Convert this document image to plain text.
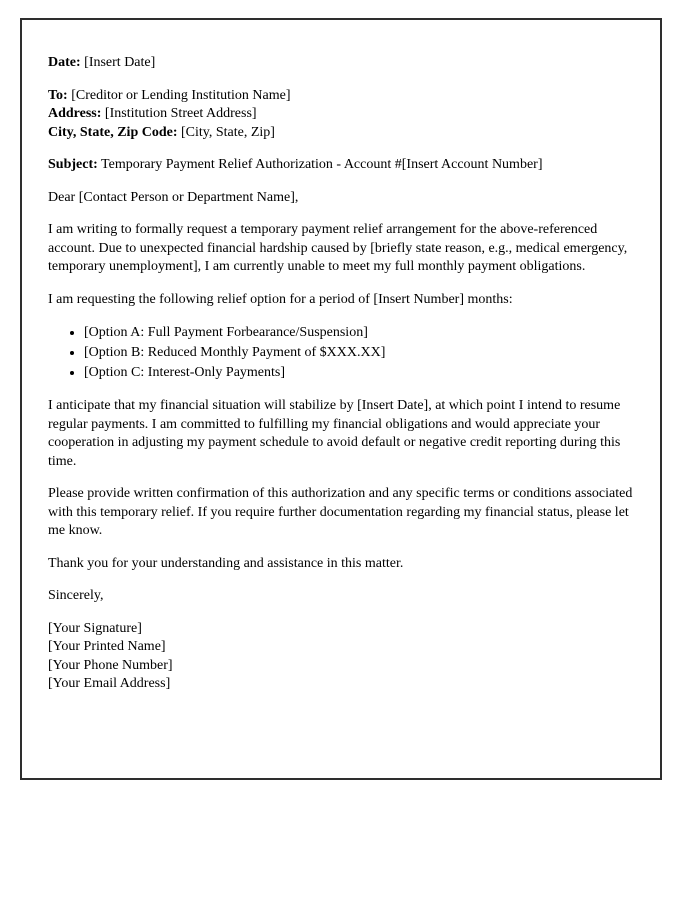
Date: [Insert Date]

To: [Creditor or Lending Institution Name]
Address: [Institution Street Address]
City, State, Zip Code: [City, State, Zip]

Subject: Temporary Payment Relief Authorization - Account #[Insert Account Number]

Dear [Contact Person or Department Name],

I am writing to formally request a temporary payment relief arrangement for the above-referenced account. Due to unexpected financial hardship caused by [briefly state reason, e.g., medical emergency, temporary unemployment], I am currently unable to meet my full monthly payment obligations.

I am requesting the following relief option for a period of [Insert Number] months:

• [Option A: Full Payment Forbearance/Suspension]
• [Option B: Reduced Monthly Payment of $XXX.XX]
• [Option C: Interest-Only Payments]

I anticipate that my financial situation will stabilize by [Insert Date], at which point I intend to resume regular payments. I am committed to fulfilling my financial obligations and would appreciate your cooperation in adjusting my payment schedule to avoid default or negative credit reporting during this time.

Please provide written confirmation of this authorization and any specific terms or conditions associated with this temporary relief. If you require further documentation regarding my financial status, please let me know.

Thank you for your understanding and assistance in this matter.

Sincerely,

[Your Signature]
[Your Printed Name]
[Your Phone Number]
[Your Email Address]
